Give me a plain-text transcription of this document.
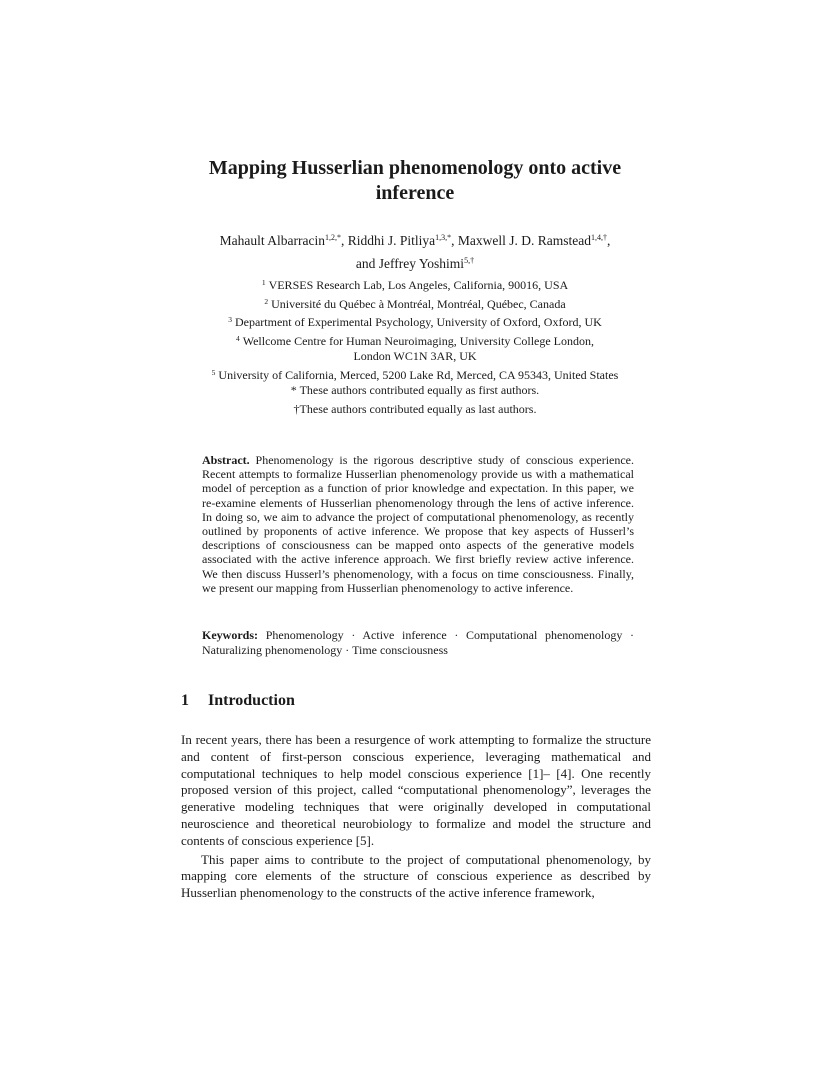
Mapping Husserlian phenomenology onto active inference
Mahault Albarracin$^{1,2,*}$, Riddhi J. Pitliya$^{1,3,*}$, Maxwell J. D. Ramstead$^{1,4,\dagger}$,
and Jeffrey Yoshimi$^{5,\dagger}$
$^1$ VERSES Research Lab, Los Angeles, California, 90016, USA
$^2$ Université du Québec à Montréal, Montréal, Québec, Canada
$^3$ Department of Experimental Psychology, University of Oxford, Oxford, UK
$^4$ Wellcome Centre for Human Neuroimaging, University College London,
London WC1N 3AR, UK
$^5$ University of California, Merced, 5200 Lake Rd, Merced, CA 95343, United States
* These authors contributed equally as first authors.
†These authors contributed equally as last authors.
Abstract. Phenomenology is the rigorous descriptive study of conscious experience. Recent attempts to formalize Husserlian phenomenology provide us with a mathematical model of perception as a function of prior knowledge and expectation. In this paper, we re-examine elements of Husserlian phenomenology through the lens of active inference. In doing so, we aim to advance the project of computational phenomenology, as recently outlined by proponents of active inference. We propose that key aspects of Husserl’s descriptions of consciousness can be mapped onto aspects of the generative models associated with the active inference approach. We first briefly review active inference. We then discuss Husserl’s phenomenology, with a focus on time consciousness. Finally, we present our mapping from Husserlian phenomenology to active inference.
Keywords: Phenomenology · Active inference · Computational phenomenology · Naturalizing phenomenology · Time consciousness
1 Introduction

In recent years, there has been a resurgence of work attempting to formalize the structure and content of first-person conscious experience, leveraging mathematical and computational techniques to help model conscious experience [1]– [4]. One recently proposed version of this project, called “computational phenomenology”, leverages the generative modeling techniques that were originally developed in computational neuroscience and theoretical neurobiology to formalize and model the structure and contents of conscious experience [5].

This paper aims to contribute to the project of computational phenomenology, by mapping core elements of the structure of conscious experience as described by Husserlian phenomenology to the constructs of the active inference framework,
